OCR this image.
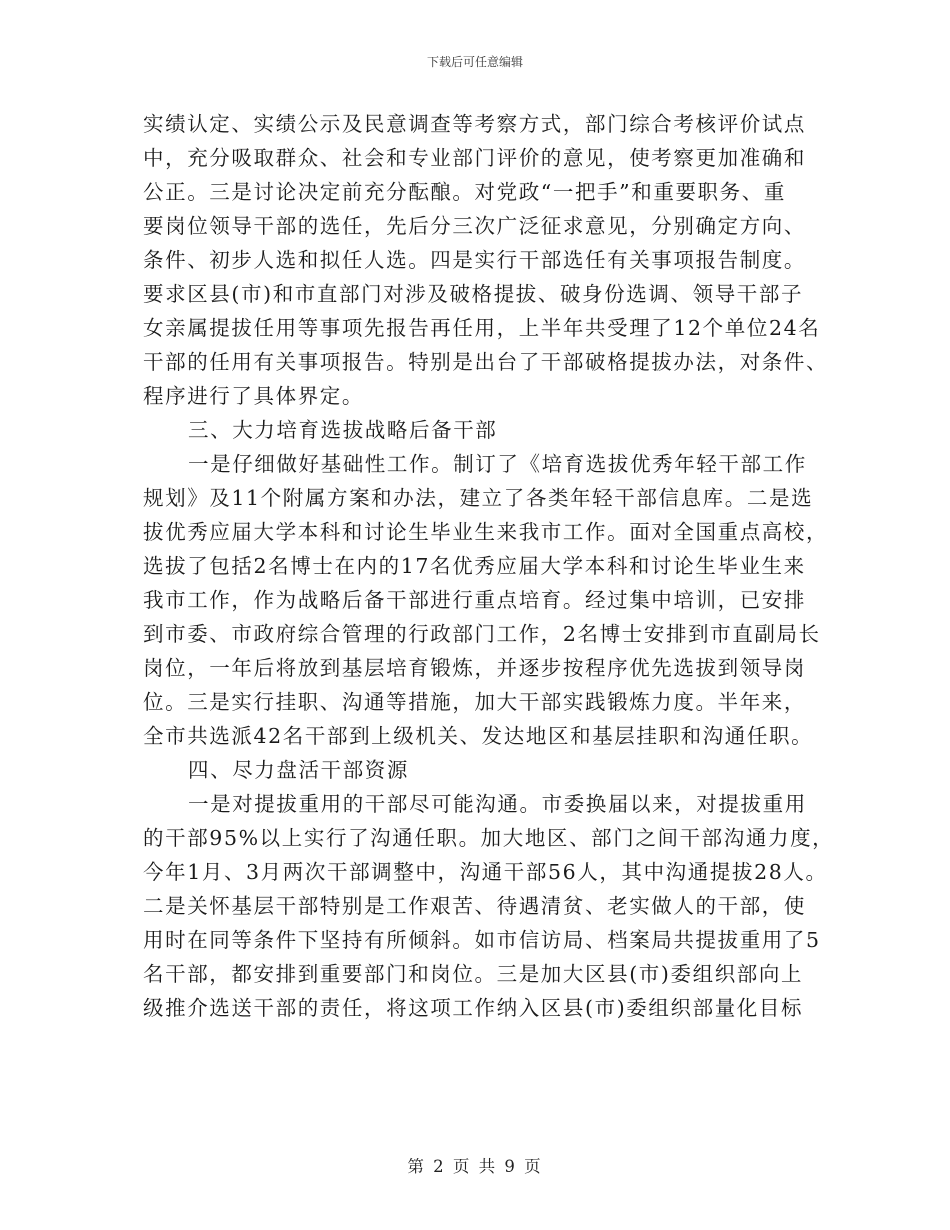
下载后可任意编辑
实绩认定、实绩公示及民意调查等考察方式，部门综合考核评价试点
中，充分吸取群众、社会和专业部门评价的意见，使考察更加准确和
公正。三是讨论决定前充分酝酿。对党政“一把手”和重要职务、重
要岗位领导干部的选任，先后分三次广泛征求意见，分别确定方向、
条件、初步人选和拟任人选。四是实行干部选任有关事项报告制度。
要求区县(市)和市直部门对涉及破格提拔、破身份选调、领导干部子
女亲属提拔任用等事项先报告再任用，上半年共受理了12个单位24名
干部的任用有关事项报告。特别是出台了干部破格提拔办法，对条件、
程序进行了具体界定。
三、大力培育选拔战略后备干部
一是仔细做好基础性工作。制订了《培育选拔优秀年轻干部工作
规划》及11个附属方案和办法，建立了各类年轻干部信息库。二是选
拔优秀应届大学本科和讨论生毕业生来我市工作。面对全国重点高校，
选拔了包括2名博士在内的17名优秀应届大学本科和讨论生毕业生来
我市工作，作为战略后备干部进行重点培育。经过集中培训，已安排
到市委、市政府综合管理的行政部门工作，2名博士安排到市直副局长
岗位，一年后将放到基层培育锻炼，并逐步按程序优先选拔到领导岗
位。三是实行挂职、沟通等措施，加大干部实践锻炼力度。半年来，
全市共选派42名干部到上级机关、发达地区和基层挂职和沟通任职。
四、尽力盘活干部资源
一是对提拔重用的干部尽可能沟通。市委换届以来，对提拔重用
的干部95%以上实行了沟通任职。加大地区、部门之间干部沟通力度，
今年1月、3月两次干部调整中，沟通干部56人，其中沟通提拔28人。
二是关怀基层干部特别是工作艰苦、待遇清贫、老实做人的干部，使
用时在同等条件下坚持有所倾斜。如市信访局、档案局共提拔重用了5
名干部，都安排到重要部门和岗位。三是加大区县(市)委组织部向上
级推介选送干部的责任，将这项工作纳入区县(市)委组织部量化目标
第 2 页 共 9 页
